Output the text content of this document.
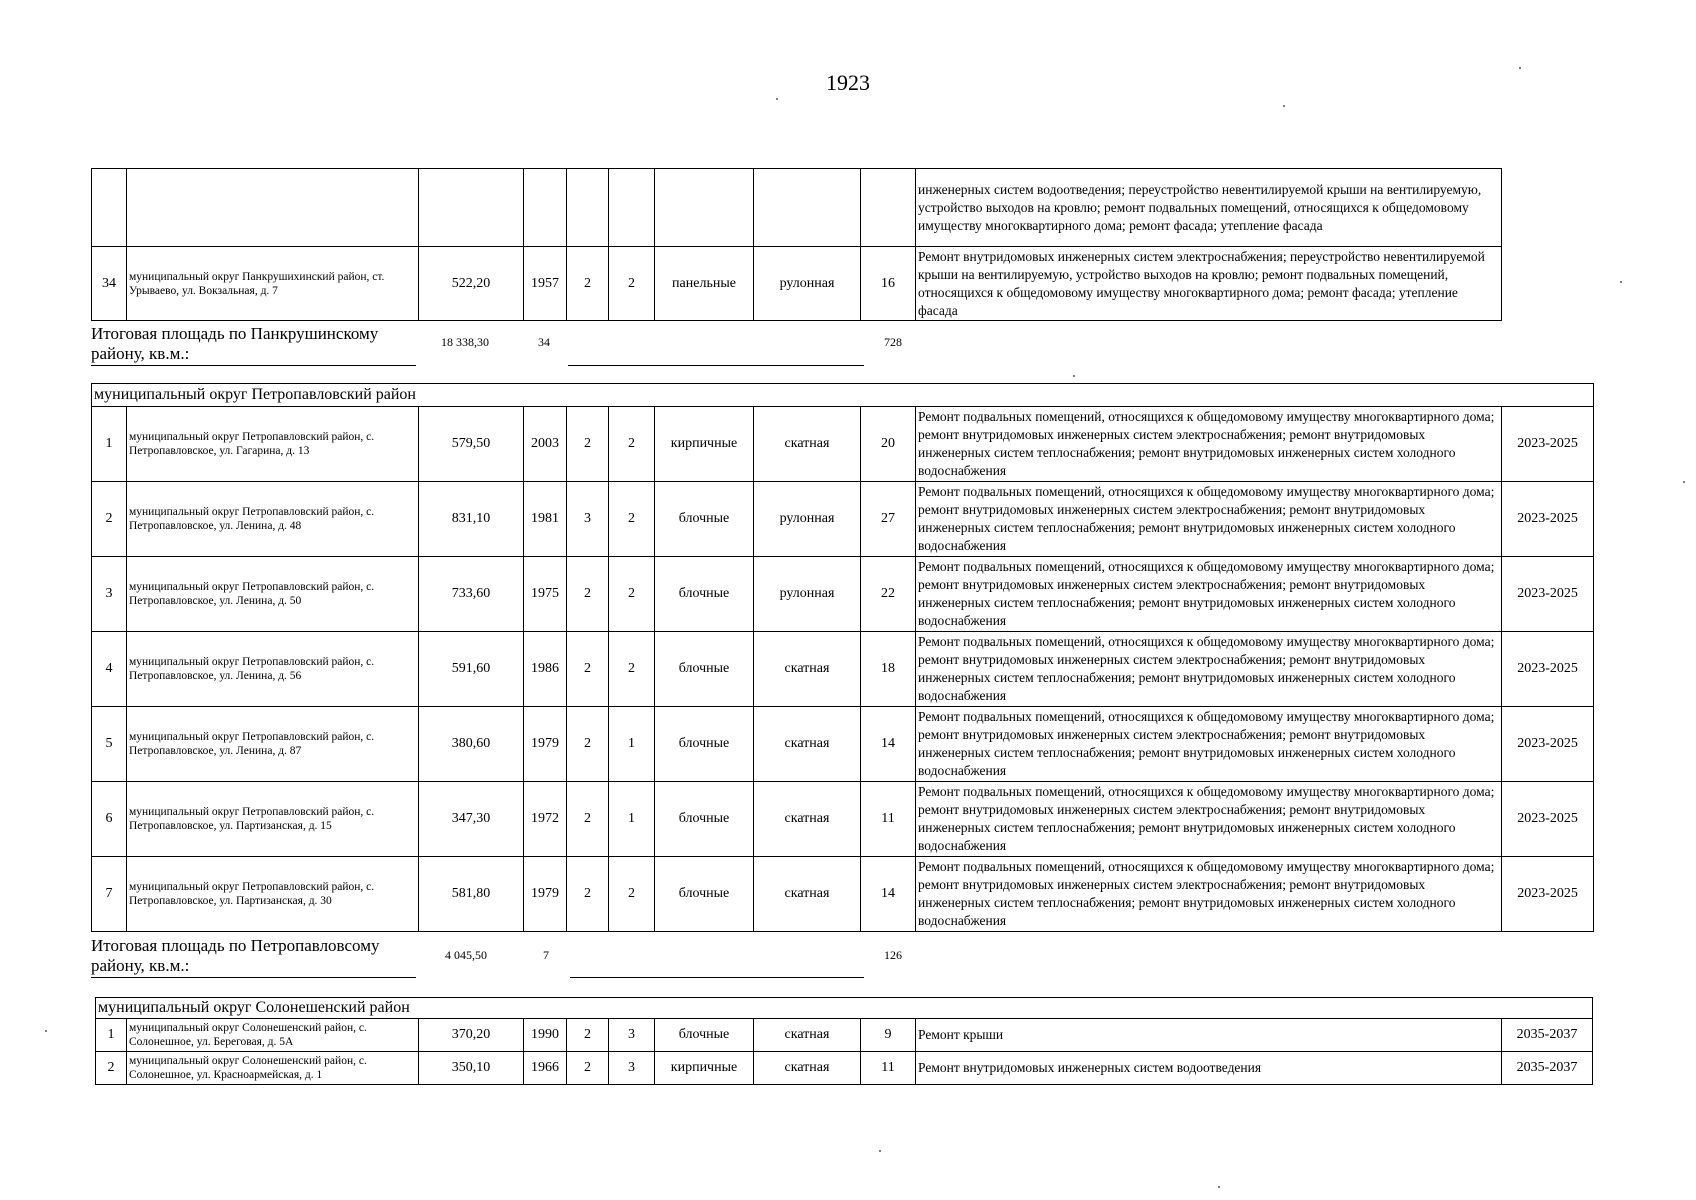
1923
									инженерных систем водоотведения; переустройство невентилируемой крыши на вентилируемую, устройство выходов на кровлю; ремонт подвальных помещений, относящихся к общедомовому имуществу многоквартирного дома; ремонт фасада; утепление фасада	
34	муниципальный округ Панкрушихинский район, ст. Урываево, ул. Вокзальная, д. 7	522,20	1957	2	2	панельные	рулонная	16	Ремонт внутридомовых инженерных систем электроснабжения; переустройство невентилируемой крыши на вентилируемую, устройство выходов на кровлю; ремонт подвальных помещений, относящихся к общедомовому имуществу многоквартирного дома; ремонт фасада; утепление фасада	
Итоговая площадь по Панкрушинскому району, кв.м.:
18 338,30	34	728
муниципальный округ Петропавловский район										
1	муниципальный округ Петропавловский район, с. Петропавловское, ул. Гагарина, д. 13	579,50	2003	2	2	кирпичные	скатная	20	Ремонт подвальных помещений, относящихся к общедомовому имуществу многоквартирного дома; ремонт внутридомовых инженерных систем электроснабжения; ремонт внутридомовых инженерных систем теплоснабжения; ремонт внутридомовых инженерных систем холодного водоснабжения	2023-2025
2	муниципальный округ Петропавловский район, с. Петропавловское, ул. Ленина, д. 48	831,10	1981	3	2	блочные	рулонная	27	Ремонт подвальных помещений, относящихся к общедомовому имуществу многоквартирного дома; ремонт внутридомовых инженерных систем электроснабжения; ремонт внутридомовых инженерных систем теплоснабжения; ремонт внутридомовых инженерных систем холодного водоснабжения	2023-2025
3	муниципальный округ Петропавловский район, с. Петропавловское, ул. Ленина, д. 50	733,60	1975	2	2	блочные	рулонная	22	Ремонт подвальных помещений, относящихся к общедомовому имуществу многоквартирного дома; ремонт внутридомовых инженерных систем электроснабжения; ремонт внутридомовых инженерных систем теплоснабжения; ремонт внутридомовых инженерных систем холодного водоснабжения	2023-2025
4	муниципальный округ Петропавловский район, с. Петропавловское, ул. Ленина, д. 56	591,60	1986	2	2	блочные	скатная	18	Ремонт подвальных помещений, относящихся к общедомовому имуществу многоквартирного дома; ремонт внутридомовых инженерных систем электроснабжения; ремонт внутридомовых инженерных систем теплоснабжения; ремонт внутридомовых инженерных систем холодного водоснабжения	2023-2025
5	муниципальный округ Петропавловский район, с. Петропавловское, ул. Ленина, д. 87	380,60	1979	2	1	блочные	скатная	14	Ремонт подвальных помещений, относящихся к общедомовому имуществу многоквартирного дома; ремонт внутридомовых инженерных систем электроснабжения; ремонт внутридомовых инженерных систем теплоснабжения; ремонт внутридомовых инженерных систем холодного водоснабжения	2023-2025
6	муниципальный округ Петропавловский район, с. Петропавловское, ул. Партизанская, д. 15	347,30	1972	2	1	блочные	скатная	11	Ремонт подвальных помещений, относящихся к общедомовому имуществу многоквартирного дома; ремонт внутридомовых инженерных систем электроснабжения; ремонт внутридомовых инженерных систем теплоснабжения; ремонт внутридомовых инженерных систем холодного водоснабжения	2023-2025
7	муниципальный округ Петропавловский район, с. Петропавловское, ул. Партизанская, д. 30	581,80	1979	2	2	блочные	скатная	14	Ремонт подвальных помещений, относящихся к общедомовому имуществу многоквартирного дома; ремонт внутридомовых инженерных систем электроснабжения; ремонт внутридомовых инженерных систем теплоснабжения; ремонт внутридомовых инженерных систем холодного водоснабжения	2023-2025
Итоговая площадь по Петропавловсому району, кв.м.:
4 045,50	7	126
муниципальный округ Солонешенский район										
1	муниципальный округ Солонешенский район, с. Солонешное, ул. Береговая, д. 5А	370,20	1990	2	3	блочные	скатная	9	Ремонт крыши	2035-2037
2	муниципальный округ Солонешенский район, с. Солонешное, ул. Красноармейская, д. 1	350,10	1966	2	3	кирпичные	скатная	11	Ремонт внутридомовых инженерных систем водоотведения	2035-2037
